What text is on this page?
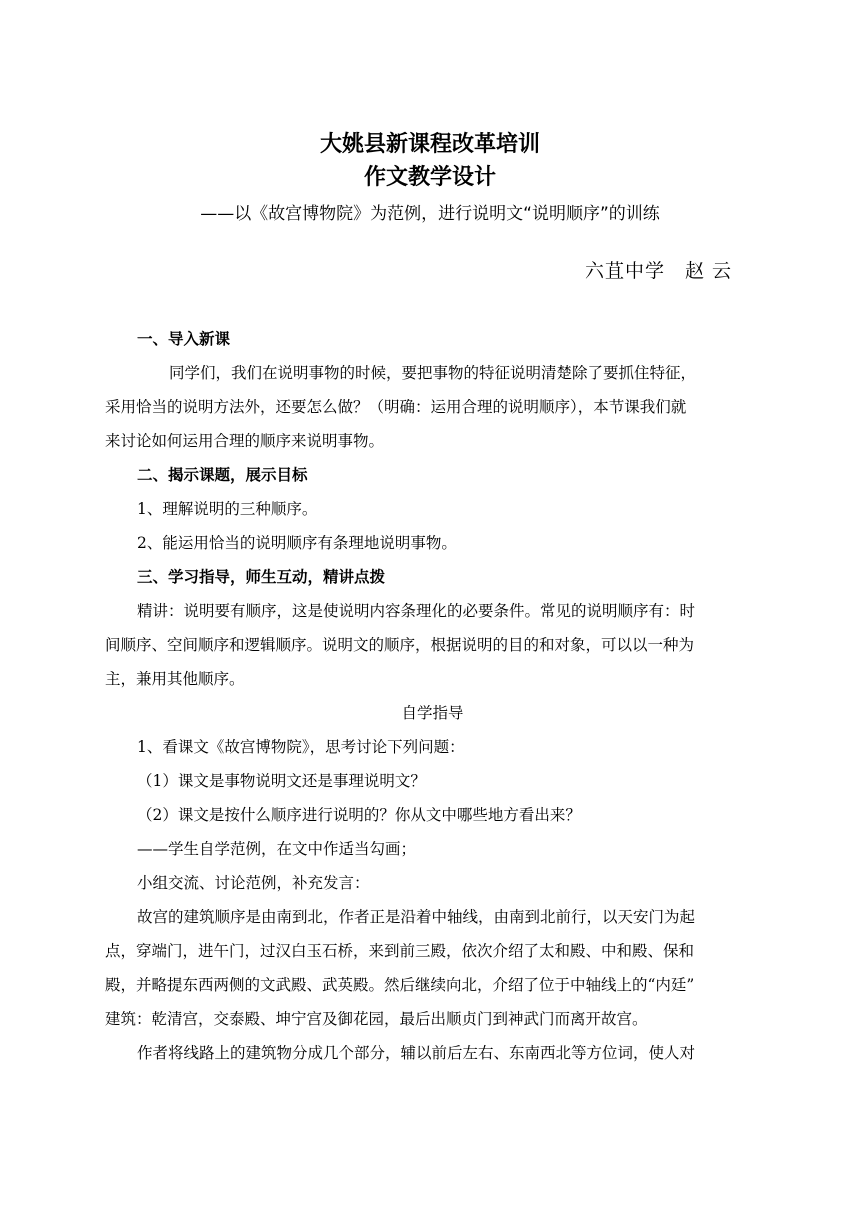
大姚县新课程改革培训
作文教学设计
——以《故宫博物院》为范例，进行说明文“说明顺序”的训练
六苴中学　赵 云
一、导入新课
同学们，我们在说明事物的时候，要把事物的特征说明清楚除了要抓住特征，
采用恰当的说明方法外，还要怎么做？（明确：运用合理的说明顺序），本节课我们就
来讨论如何运用合理的顺序来说明事物。
二、揭示课题，展示目标
1、理解说明的三种顺序。
2、能运用恰当的说明顺序有条理地说明事物。
三、学习指导，师生互动，精讲点拨
精讲：说明要有顺序，这是使说明内容条理化的必要条件。常见的说明顺序有：时
间顺序、空间顺序和逻辑顺序。说明文的顺序，根据说明的目的和对象，可以以一种为
主，兼用其他顺序。
自学指导
1、看课文《故宫博物院》，思考讨论下列问题：
（1）课文是事物说明文还是事理说明文？
（2）课文是按什么顺序进行说明的？你从文中哪些地方看出来？
——学生自学范例，在文中作适当勾画；
小组交流、讨论范例，补充发言：
故宫的建筑顺序是由南到北，作者正是沿着中轴线，由南到北前行，以天安门为起
点，穿端门，进午门，过汉白玉石桥，来到前三殿，依次介绍了太和殿、中和殿、保和
殿，并略提东西两侧的文武殿、武英殿。然后继续向北，介绍了位于中轴线上的“内廷”
建筑：乾清宫，交泰殿、坤宁宫及御花园，最后出顺贞门到神武门而离开故宫。
作者将线路上的建筑物分成几个部分，辅以前后左右、东南西北等方位词，使人对
